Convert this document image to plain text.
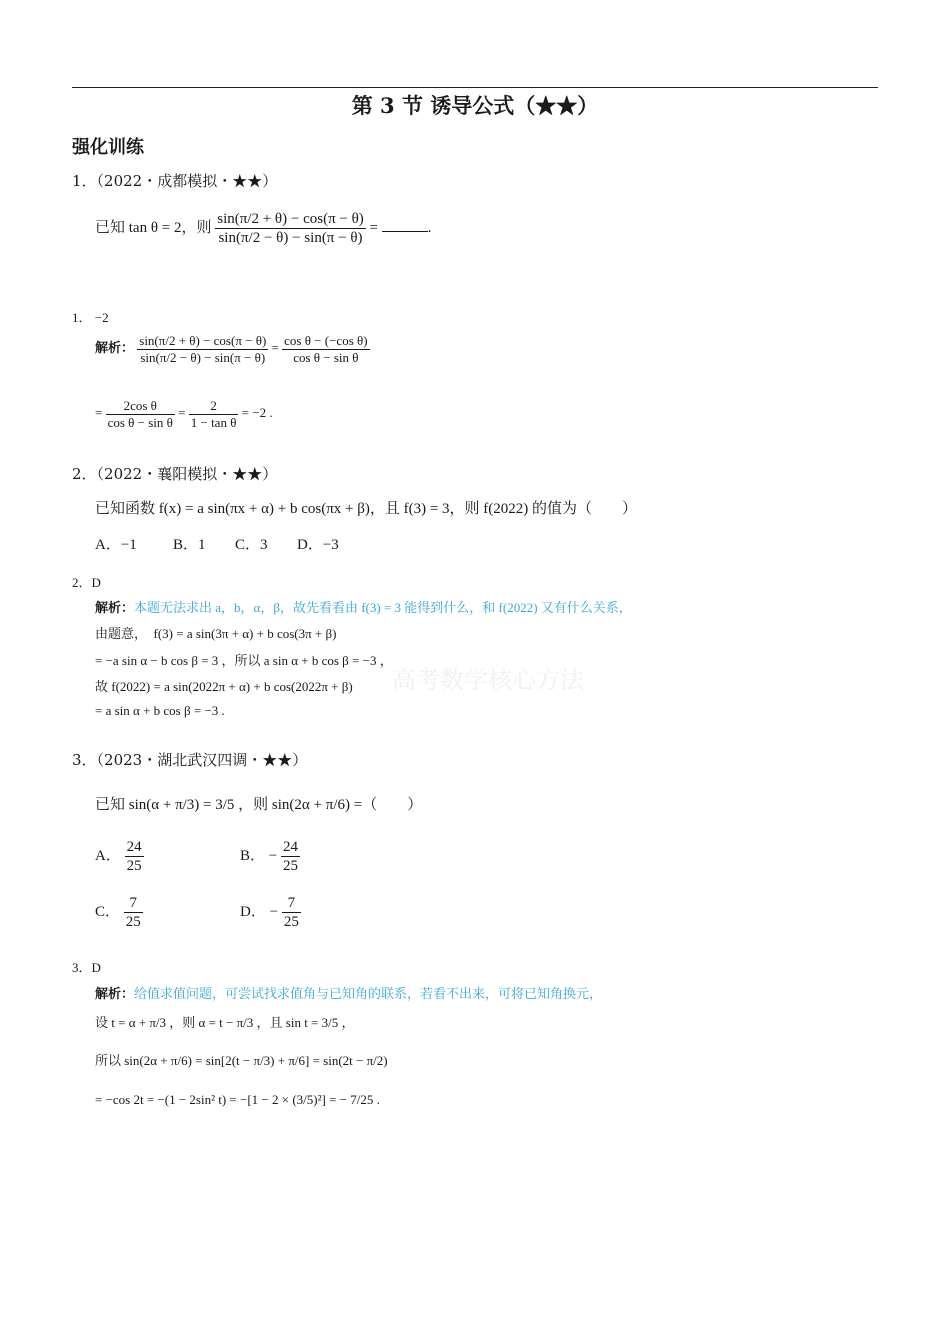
第 3 节 诱导公式（★★）
强化训练
1．（2022・成都模拟・★★）
已知 tan θ = 2，则 $\frac{\sin(\pi/2 + \theta) - \cos(\pi - \theta)}{\sin(\pi/2 - \theta) - \sin(\pi - \theta)}$ =	.
1． −2
解析： $\frac{\sin(\pi/2 + \theta) - \cos(\pi - \theta)}{\sin(\pi/2 - \theta) - \sin(\pi - \theta)} = \frac{\text{cos θ − (−cos θ)}}{\text{cos θ − sin θ}}$
= $\frac{\text{2cos θ}}{\text{cos θ − sin θ}} = \frac{2}{\text{1 − tan θ}} = -2$ .
2．（2022・襄阳模拟・★★）
已知函数 f(x) = a sin(πx + α) + b cos(πx + β)，且 f(3) = 3，则 f(2022) 的值为（　　）
A．−1 B．1 C．3 D．−3
2．D
解析：本题无法求出 a，b，α，β，故先看看由 f(3) = 3 能得到什么，和 f(2022) 又有什么关系，
由题意，　f(3) = a sin(3π + α) + b cos(3π + β)
= −a sin α − b cos β = 3 ，所以 a sin α + b cos β = −3 ，
故 f(2022) = a sin(2022π + α) + b cos(2022π + β)
= a sin α + b cos β = −3 .
高考数学核心方法
3．（2023・湖北武汉四调・★★）
已知 sin(α + π/3) = 3/5 ，则 sin(2α + π/6) =（　　）
A． $\frac{24}{25}$	B． − $\frac{24}{25}$
C． $\frac{7}{25}$	D． − $\frac{7}{25}$
3．D
解析：给值求值问题，可尝试找求值角与已知角的联系，若看不出来，可将已知角换元，
设 t = α + π/3 ，则 α = t − π/3 ，且 sin t = 3/5 ，
所以 sin(2α + π/6) = sin[2(t − π/3) + π/6] = sin(2t − π/2)
= −cos 2t = −(1 − 2sin² t) = −[1 − 2 × (3/5)²] = − 7/25 .
